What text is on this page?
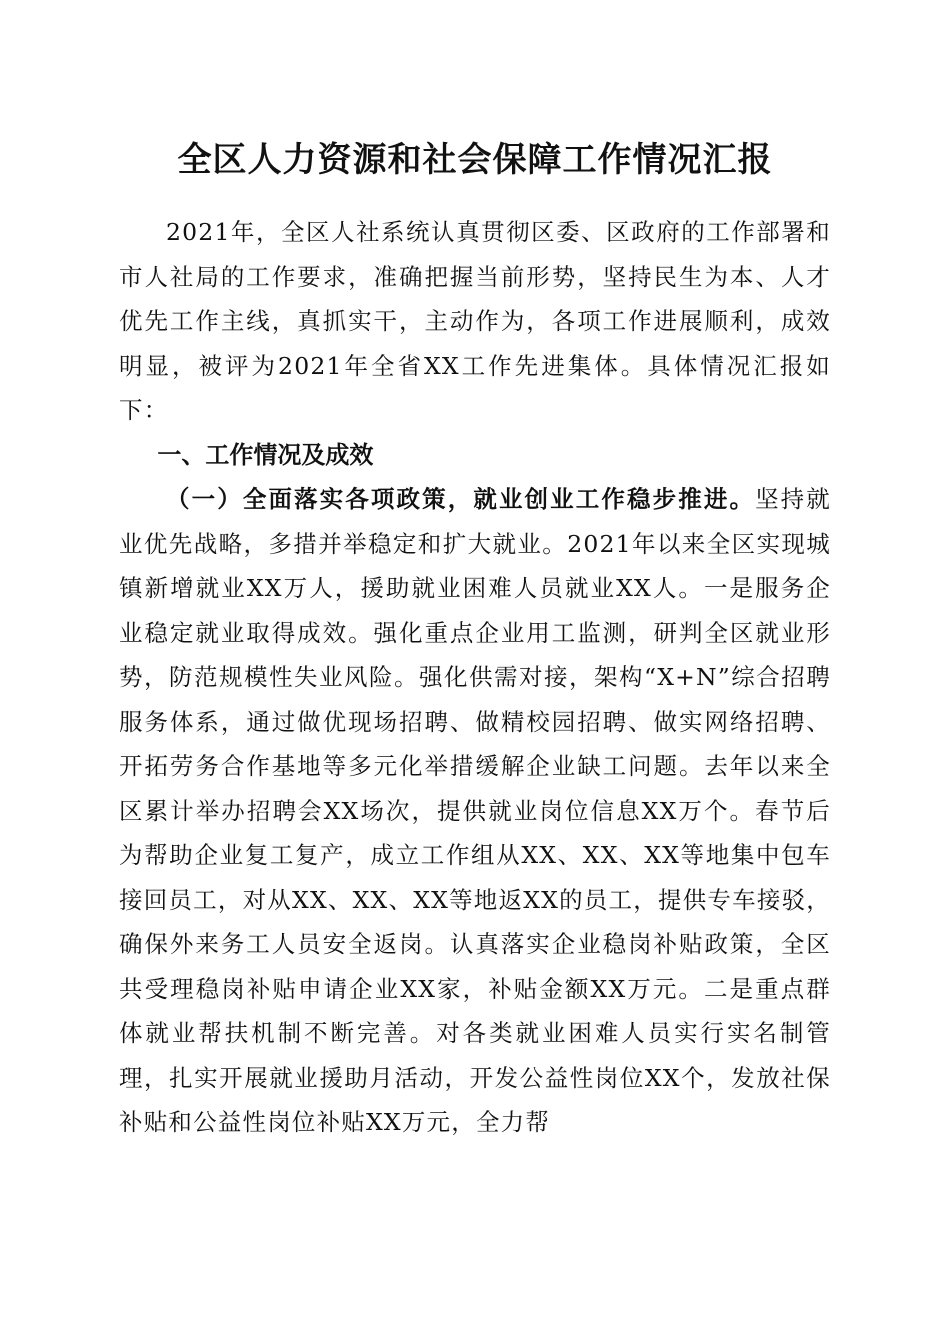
全区人力资源和社会保障工作情况汇报

2021年，全区人社系统认真贯彻区委、区政府的工作部署和市人社局的工作要求，准确把握当前形势，坚持民生为本、人才优先工作主线，真抓实干，主动作为，各项工作进展顺利，成效明显，被评为2021年全省XX工作先进集体。具体情况汇报如下：

一、工作情况及成效

（一）全面落实各项政策，就业创业工作稳步推进。坚持就业优先战略，多措并举稳定和扩大就业。2021年以来全区实现城镇新增就业XX万人，援助就业困难人员就业XX人。一是服务企业稳定就业取得成效。强化重点企业用工监测，研判全区就业形势，防范规模性失业风险。强化供需对接，架构“X+N”综合招聘服务体系，通过做优现场招聘、做精校园招聘、做实网络招聘、开拓劳务合作基地等多元化举措缓解企业缺工问题。去年以来全区累计举办招聘会XX场次，提供就业岗位信息XX万个。春节后为帮助企业复工复产，成立工作组从XX、XX、XX等地集中包车接回员工，对从XX、XX、XX等地返XX的员工，提供专车接驳，确保外来务工人员安全返岗。认真落实企业稳岗补贴政策，全区共受理稳岗补贴申请企业XX家，补贴金额XX万元。二是重点群体就业帮扶机制不断完善。对各类就业困难人员实行实名制管理，扎实开展就业援助月活动，开发公益性岗位XX个，发放社保补贴和公益性岗位补贴XX万元，全力帮
